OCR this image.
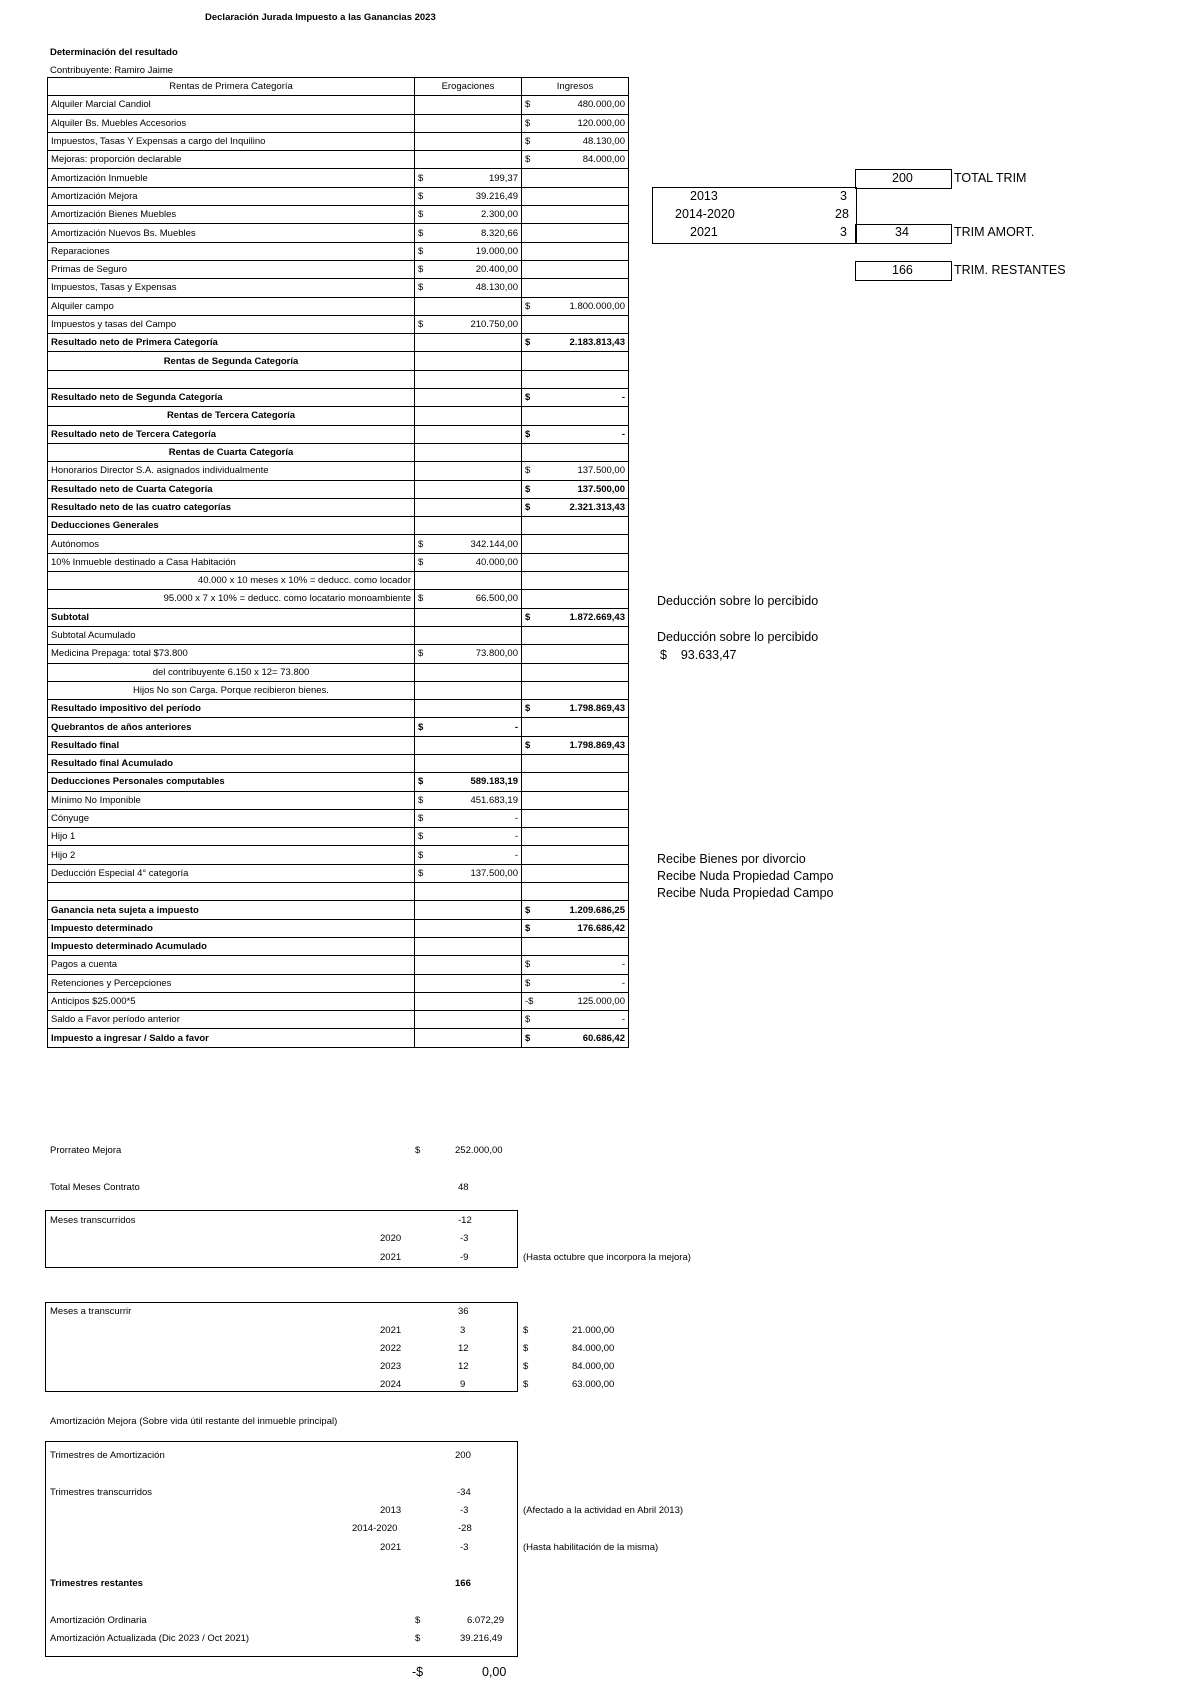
Declaración Jurada Impuesto a las Ganancias 2023
Determinación del resultado
Contribuyente: Ramiro Jaime
Rentas de Primera Categoría	Erogaciones	Ingresos
Alquiler Marcial Candiol		$ 480.000,00

Alquiler Bs. Muebles Accesorios		$ 120.000,00

Impuestos, Tasas Y Expensas a cargo del Inquilino		$ 48.130,00

Mejoras: proporción declarable		$ 84.000,00

Amortización Inmueble	$ 199,37	

Amortización Mejora	$ 39.216,49	

Amortización Bienes Muebles	$ 2.300,00	

Amortización Nuevos Bs. Muebles	$ 8.320,66	

Reparaciones	$ 19.000,00	

Primas de Seguro	$ 20.400,00	

Impuestos, Tasas y Expensas	$ 48.130,00	

Alquiler campo		$ 1.800.000,00

Impuestos y tasas del Campo	$ 210.750,00	

Resultado neto de Primera Categoría		$ 2.183.813,43

Rentas de Segunda Categoría		

Resultado neto de Segunda Categoría		$ -

Rentas de Tercera Categoría		
Resultado neto de Tercera Categoría		$ -

Rentas de Cuarta Categoría		
Honorarios Director S.A. asignados individualmente		$ 137.500,00

Resultado neto de Cuarta Categoría		$ 137.500,00

Resultado neto de las cuatro categorías		$ 2.321.313,43

Deducciones Generales		
Autónomos	$ 342.144,00	

10% Inmueble destinado a Casa Habitación	$ 40.000,00	

40.000 x 10 meses x 10% = deducc. como locador		
95.000 x 7 x 10% = deducc. como locatario monoambiente	$ 66.500,00	

Subtotal		$ 1.872.669,43

Subtotal Acumulado		
Medicina Prepaga: total $73.800	$ 73.800,00	

del contribuyente 6.150 x 12= 73.800		
Hijos No son Carga. Porque recibieron bienes.		
Resultado impositivo del período		$ 1.798.869,43

Quebrantos de años anteriores	$ -	

Resultado final		$ 1.798.869,43

Resultado final Acumulado		
Deducciones Personales computables	$ 589.183,19	

Mínimo No Imponible	$ 451.683,19	

Cónyuge	$ -	

Hijo 1	$ -	

Hijo 2	$ -	

Deducción Especial 4° categoría	$ 137.500,00	

Ganancia neta sujeta a impuesto		$ 1.209.686,25

Impuesto determinado		$ 176.686,42

Impuesto determinado Acumulado		
Pagos a cuenta		$ -

Retenciones y Percepciones		$ -

Anticipos $25.000*5		-$ 125.000,00

Saldo a Favor período anterior		$ -

Impuesto a ingresar / Saldo a favor		$ 60.686,42
200	TOTAL TRIM
2013	3
2014-2020	28
2021	3	34	TRIM AMORT.
166	TRIM. RESTANTES
Deducción sobre lo percibido
Deducción sobre lo percibido
$ 93.633,47
Recibe Bienes por divorcio
Recibe Nuda Propiedad Campo
Recibe Nuda Propiedad Campo
Prorrateo Mejora	$	252.000,00
Total Meses Contrato	48
Meses transcurridos	-12
2020	-3
2021	-9	(Hasta octubre que incorpora la mejora)
Meses a transcurrir	36
2021	3	$	21.000,00
2022	12	$	84.000,00
2023	12	$	84.000,00
2024	9	$	63.000,00
Amortización Mejora (Sobre vida útil restante del inmueble principal)
Trimestres de Amortización	200
Trimestres transcurridos	-34
2013	-3	(Afectado a la actividad en Abril 2013)
2014-2020	-28
2021	-3	(Hasta habilitación de la misma)
Trimestres restantes	166
Amortización Ordinaria	$	6.072,29
Amortización Actualizada (Dic 2023 / Oct 2021)	$	39.216,49
-$	0,00
